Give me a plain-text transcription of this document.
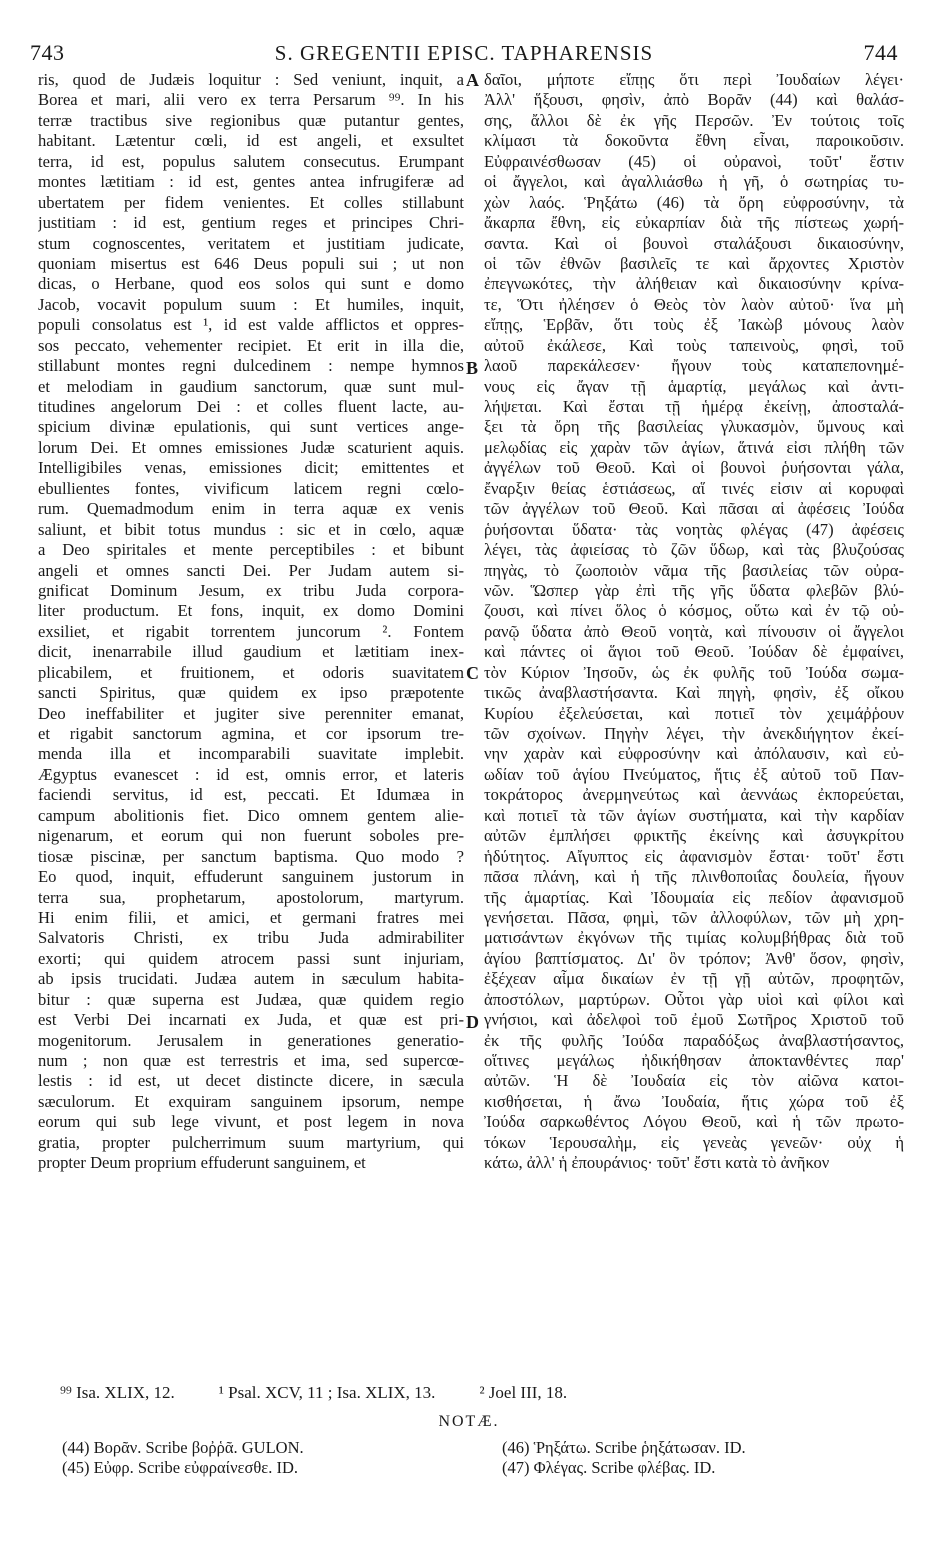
743	S. GREGENTII EPISC. TAPHARENSIS	744
ris, quod de Judæis loquitur : Sed veniunt, inquit, a
Borea et mari, alii vero ex terra Persarum ⁹⁹. In his
terræ tractibus sive regionibus quæ putantur gentes,
habitant. Lætentur cœli, id est angeli, et exsultet
terra, id est, populus salutem consecutus. Erumpant
montes lætitiam : id est, gentes antea infrugiferæ ad
ubertatem per fidem venientes. Et colles stillabunt
justitiam : id est, gentium reges et principes Chri-
stum cognoscentes, veritatem et justitiam judicate,
quoniam misertus est 646 Deus populi sui ; ut non
dicas, o Herbane, quod eos solos qui sunt e domo
Jacob, vocavit populum suum : Et humiles, inquit,
populi consolatus est ¹, id est valde afflictos et oppres-
sos peccato, vehementer recipiet. Et erit in illa die,
stillabunt montes regni dulcedinem : nempe hymnos
et melodiam in gaudium sanctorum, quæ sunt mul-
titudines angelorum Dei : et colles fluent lacte, au-
spicium divinæ epulationis, qui sunt vertices ange-
lorum Dei. Et omnes emissiones Judæ scaturient aquis.
Intelligibiles venas, emissiones dicit; emittentes et
ebullientes fontes, vivificum laticem regni cœlo-
rum. Quemadmodum enim in terra aquæ ex venis
saliunt, et bibit totus mundus : sic et in cœlo, aquæ
a Deo spiritales et mente perceptibiles : et bibunt
angeli et omnes sancti Dei. Per Judam autem si-
gnificat Dominum Jesum, ex tribu Juda corpora-
liter productum. Et fons, inquit, ex domo Domini
exsiliet, et rigabit torrentem juncorum ². Fontem
dicit, inenarrabile illud gaudium et lætitiam inex-
plicabilem, et fruitionem, et odoris suavitatem
sancti Spiritus, quæ quidem ex ipso præpotente
Deo ineffabiliter et jugiter sive perenniter emanat,
et rigabit sanctorum agmina, et cor ipsorum tre-
menda illa et incomparabili suavitate implebit.
Ægyptus evanescet : id est, omnis error, et lateris
faciendi servitus, id est, peccati. Et Idumæa in
campum abolitionis fiet. Dico omnem gentem alie-
nigenarum, et eorum qui non fuerunt soboles pre-
tiosæ piscinæ, per sanctum baptisma. Quo modo ?
Eo quod, inquit, effuderunt sanguinem justorum in
terra sua, prophetarum, apostolorum, martyrum.
Hi enim filii, et amici, et germani fratres mei
Salvatoris Christi, ex tribu Juda admirabiliter
exorti; qui quidem atrocem passi sunt injuriam,
ab ipsis trucidati. Judæa autem in sæculum habita-
bitur : quæ superna est Judæa, quæ quidem regio
est Verbi Dei incarnati ex Juda, et quæ est pri-
mogenitorum. Jerusalem in generationes generatio-
num ; non quæ est terrestris et ima, sed supercœ-
lestis : id est, ut decet distincte dicere, in sæcula
sæculorum. Et exquiram sanguinem ipsorum, nempe
eorum qui sub lege vivunt, et post legem in nova
gratia, propter pulcherrimum suum martyrium, qui
propter Deum proprium effuderunt sanguinem, et
A
B
C
D
δαῖοι, μήποτε εἴπῃς ὅτι περὶ Ἰουδαίων λέγει·
Ἀλλ' ἥξουσι, φησὶν, ἀπὸ Βορᾶν (44) καὶ θαλάσ-
σης, ἄλλοι δὲ ἐκ γῆς Περσῶν. Ἐν τούτοις τοῖς
κλίμασι τὰ δοκοῦντα ἔθνη εἶναι, παροικοῦσιν.
Εὐφραινέσθωσαν (45) οἱ οὐρανοὶ, τοῦτ' ἔστιν
οἱ ἄγγελοι, καὶ ἀγαλλιάσθω ἡ γῆ, ὁ σωτηρίας τυ-
χὼν λαός. Ῥηξάτω (46) τὰ ὄρη εὐφροσύνην, τὰ
ἄκαρπα ἔθνη, εἰς εὐκαρπίαν διὰ τῆς πίστεως χωρή-
σαντα. Καὶ οἱ βουνοὶ σταλάξουσι δικαιοσύνην,
οἱ τῶν ἐθνῶν βασιλεῖς τε καὶ ἄρχοντες Χριστὸν
ἐπεγνωκότες, τὴν ἀλήθειαν καὶ δικαιοσύνην κρίνα-
τε, Ὅτι ἠλέησεν ὁ Θεὸς τὸν λαὸν αὐτοῦ· ἵνα μὴ
εἴπῃς, Ἑρβᾶν, ὅτι τοὺς ἐξ Ἰακὼβ μόνους λαὸν
αὐτοῦ ἐκάλεσε, Καὶ τοὺς ταπεινοὺς, φησὶ, τοῦ
λαοῦ παρεκάλεσεν· ἤγουν τοὺς καταπεπονημέ-
νους εἰς ἄγαν τῇ ἁμαρτίᾳ, μεγάλως καὶ ἀντι-
λήψεται. Καὶ ἔσται τῇ ἡμέρᾳ ἐκείνῃ, ἀποσταλά-
ξει τὰ ὄρη τῆς βασιλείας γλυκασμὸν, ὕμνους καὶ
μελῳδίας εἰς χαρὰν τῶν ἁγίων, ἅτινά εἰσι πλήθη τῶν
ἀγγέλων τοῦ Θεοῦ. Καὶ οἱ βουνοὶ ῥυήσονται γάλα,
ἔναρξιν θείας ἑστιάσεως, αἵ τινές εἰσιν αἱ κορυφαὶ
τῶν ἀγγέλων τοῦ Θεοῦ. Καὶ πᾶσαι αἱ ἀφέσεις Ἰούδα
ῥυήσονται ὕδατα· τὰς νοητὰς φλέγας (47) ἀφέσεις
λέγει, τὰς ἀφιείσας τὸ ζῶν ὕδωρ, καὶ τὰς βλυζούσας
πηγὰς, τὸ ζωοποιὸν νᾶμα τῆς βασιλείας τῶν οὐρα-
νῶν. Ὥσπερ γὰρ ἐπὶ τῆς γῆς ὕδατα φλεβῶν βλύ-
ζουσι, καὶ πίνει ὅλος ὁ κόσμος, οὕτω καὶ ἐν τῷ οὐ-
ρανῷ ὕδατα ἀπὸ Θεοῦ νοητὰ, καὶ πίνουσιν οἱ ἄγγελοι
καὶ πάντες οἱ ἅγιοι τοῦ Θεοῦ. Ἰούδαν δὲ ἐμφαίνει,
τὸν Κύριον Ἰησοῦν, ὡς ἐκ φυλῆς τοῦ Ἰούδα σωμα-
τικῶς ἀναβλαστήσαντα. Καὶ πηγὴ, φησὶν, ἐξ οἴκου
Κυρίου ἐξελεύσεται, καὶ ποτιεῖ τὸν χειμάῤῥουν
τῶν σχοίνων. Πηγὴν λέγει, τὴν ἀνεκδιήγητον ἐκεί-
νην χαρὰν καὶ εὐφροσύνην καὶ ἀπόλαυσιν, καὶ εὐ-
ωδίαν τοῦ ἁγίου Πνεύματος, ἥτις ἐξ αὐτοῦ τοῦ Παν-
τοκράτορος ἀνερμηνεύτως καὶ ἀεννάως ἐκπορεύεται,
καὶ ποτιεῖ τὰ τῶν ἁγίων συστήματα, καὶ τὴν καρδίαν
αὐτῶν ἐμπλήσει φρικτῆς ἐκείνης καὶ ἀσυγκρίτου
ἡδύτητος. Αἴγυπτος εἰς ἀφανισμὸν ἔσται· τοῦτ' ἔστι
πᾶσα πλάνη, καὶ ἡ τῆς πλινθοποιΐας δουλεία, ἤγουν
τῆς ἁμαρτίας. Καὶ Ἰδουμαία εἰς πεδίον ἀφανισμοῦ
γενήσεται. Πᾶσα, φημὶ, τῶν ἀλλοφύλων, τῶν μὴ χρη-
ματισάντων ἐκγόνων τῆς τιμίας κολυμβήθρας διὰ τοῦ
ἁγίου βαπτίσματος. Δι' ὃν τρόπον; Ἀνθ' ὅσον, φησὶν,
ἐξέχεαν αἷμα δικαίων ἐν τῇ γῇ αὐτῶν, προφητῶν,
ἀποστόλων, μαρτύρων. Οὗτοι γὰρ υἱοὶ καὶ φίλοι καὶ
γνήσιοι, καὶ ἀδελφοὶ τοῦ ἐμοῦ Σωτῆρος Χριστοῦ τοῦ
ἐκ τῆς φυλῆς Ἰούδα παραδόξως ἀναβλαστήσαντος,
οἵτινες μεγάλως ἠδικήθησαν ἀποκτανθέντες παρ'
αὐτῶν. Ἡ δὲ Ἰουδαία εἰς τὸν αἰῶνα κατοι-
κισθήσεται, ἡ ἄνω Ἰουδαία, ἥτις χώρα τοῦ ἐξ
Ἰούδα σαρκωθέντος Λόγου Θεοῦ, καὶ ἡ τῶν πρωτο-
τόκων Ἱερουσαλὴμ, εἰς γενεὰς γενεῶν· οὐχ ἡ
κάτω, ἀλλ' ἡ ἐπουράνιος· τοῦτ' ἔστι κατὰ τὸ ἀνῆκον
⁹⁹ Isa. XLIX, 12.	¹ Psal. XCV, 11 ; Isa. XLIX, 13.	² Joel III, 18.
NOTÆ.
(44) Βορᾶν. Scribe βοῤῥᾶ. GULON.
(45) Εὐφρ. Scribe εὐφραίνεσθε. ID.
(46) Ῥηξάτω. Scribe ῥηξάτωσαν. ID.
(47) Φλέγας. Scribe φλέβας. ID.
